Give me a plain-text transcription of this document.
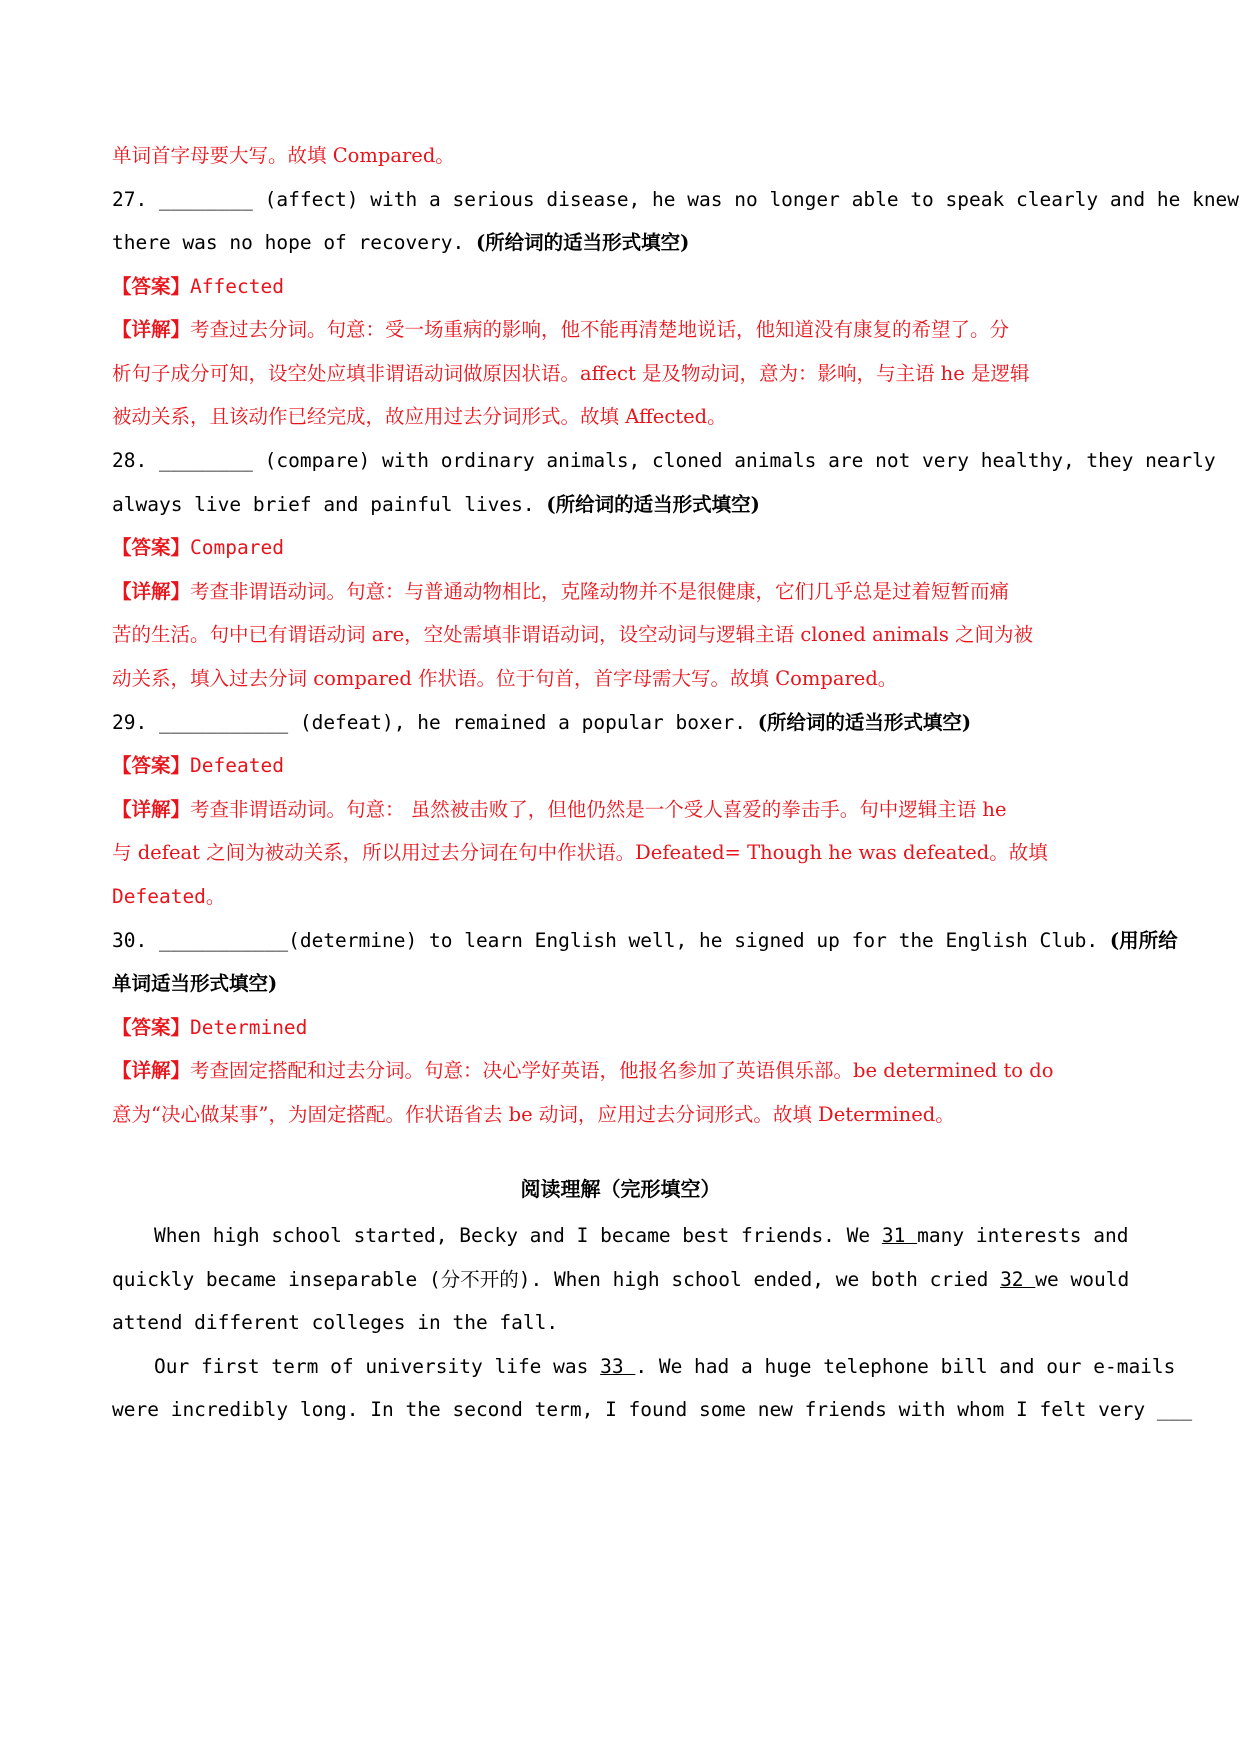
单词首字母要大写。故填 Compared。
27. ________ (affect) with a serious disease, he was no longer able to speak clearly and he knew
there was no hope of recovery. (所给词的适当形式填空)
【答案】Affected
【详解】考查过去分词。句意：受一场重病的影响，他不能再清楚地说话，他知道没有康复的希望了。分
析句子成分可知，设空处应填非谓语动词做原因状语。affect 是及物动词，意为：影响，与主语 he 是逻辑
被动关系，且该动作已经完成，故应用过去分词形式。故填 Affected。
28. ________ (compare) with ordinary animals, cloned animals are not very healthy, they nearly
always live brief and painful lives. (所给词的适当形式填空)
【答案】Compared
【详解】考查非谓语动词。句意：与普通动物相比，克隆动物并不是很健康，它们几乎总是过着短暂而痛
苦的生活。句中已有谓语动词 are，空处需填非谓语动词，设空动词与逻辑主语 cloned animals 之间为被
动关系，填入过去分词 compared 作状语。位于句首，首字母需大写。故填 Compared。
29. ___________ (defeat), he remained a popular boxer. (所给词的适当形式填空)
【答案】Defeated
【详解】考查非谓语动词。句意： 虽然被击败了，但他仍然是一个受人喜爱的拳击手。句中逻辑主语 he
与 defeat 之间为被动关系，所以用过去分词在句中作状语。Defeated= Though he was defeated。故填
Defeated。
30. ___________(determine) to learn English well, he signed up for the English Club. (用所给
单词适当形式填空)
【答案】Determined
【详解】考查固定搭配和过去分词。句意：决心学好英语，他报名参加了英语俱乐部。be determined to do
意为“决心做某事”，为固定搭配。作状语省去 be 动词，应用过去分词形式。故填 Determined。
阅读理解（完形填空）
When high school started, Becky and I became best friends. We 31 many interests and
quickly became inseparable (分不开的). When high school ended, we both cried 32 we would
attend different colleges in the fall.
Our first term of university life was 33 . We had a huge telephone bill and our e-mails
were incredibly long. In the second term, I found some new friends with whom I felt very ___
